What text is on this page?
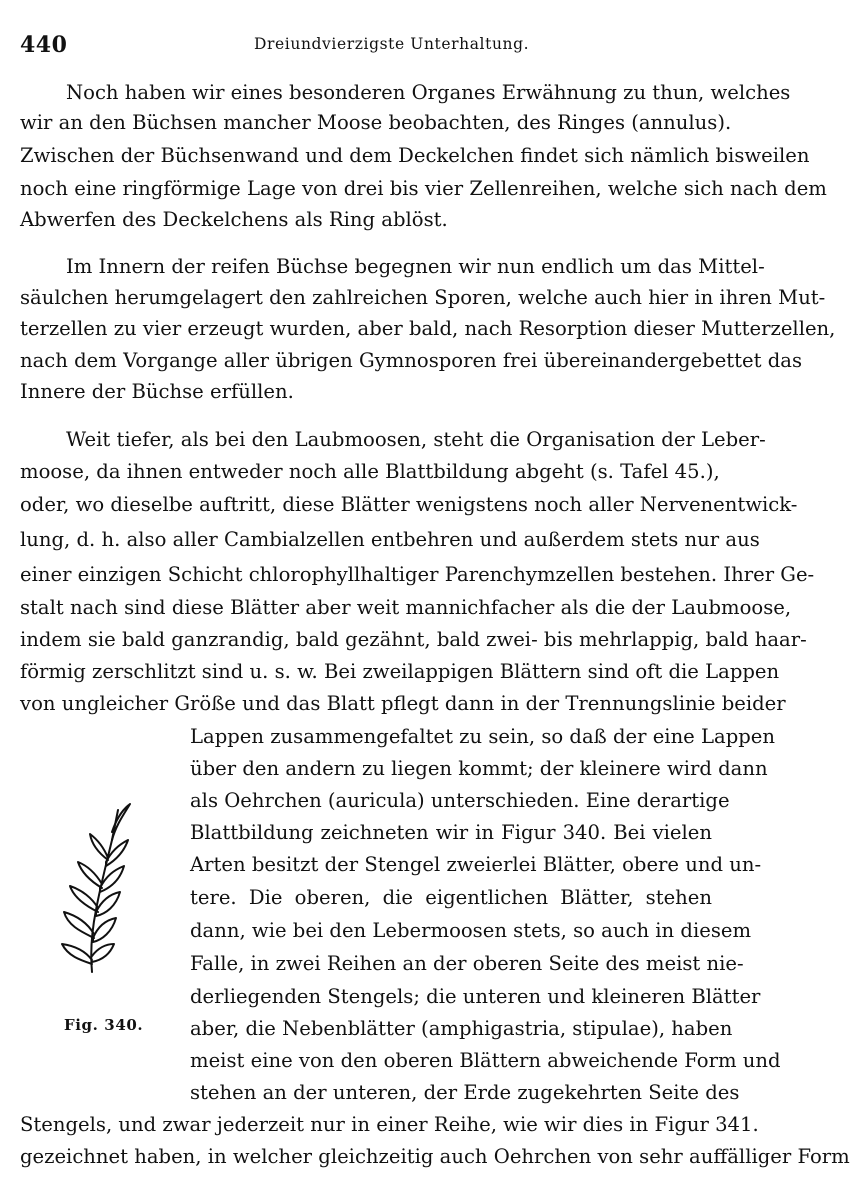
440	Dreiundvierzigste Unterhaltung.
Noch haben wir eines besonderen Organes Erwähnung zu thun, welches
wir an den Büchsen mancher Moose beobachten, des Ringes (annulus).
Zwischen der Büchsenwand und dem Deckelchen findet sich nämlich bisweilen
noch eine ringförmige Lage von drei bis vier Zellenreihen, welche sich nach dem
Abwerfen des Deckelchens als Ring ablöst.
Im Innern der reifen Büchse begegnen wir nun endlich um das Mittel-
säulchen herumgelagert den zahlreichen Sporen, welche auch hier in ihren Mut-
terzellen zu vier erzeugt wurden, aber bald, nach Resorption dieser Mutterzellen,
nach dem Vorgange aller übrigen Gymnosporen frei übereinandergebettet das
Innere der Büchse erfüllen.
Weit tiefer, als bei den Laubmoosen, steht die Organisation der Leber-
moose, da ihnen entweder noch alle Blattbildung abgeht (s. Tafel 45.),
oder, wo dieselbe auftritt, diese Blätter wenigstens noch aller Nervenentwick-
lung, d. h. also aller Cambialzellen entbehren und außerdem stets nur aus
einer einzigen Schicht chlorophyllhaltiger Parenchymzellen bestehen. Ihrer Ge-
stalt nach sind diese Blätter aber weit mannichfacher als die der Laubmoose,
indem sie bald ganzrandig, bald gezähnt, bald zwei- bis mehrlappig, bald haar-
förmig zerschlitzt sind u. s. w. Bei zweilappigen Blättern sind oft die Lappen
von ungleicher Größe und das Blatt pflegt dann in der Trennungslinie beider
Lappen zusammengefaltet zu sein, so daß der eine Lappen
über den andern zu liegen kommt; der kleinere wird dann
als Oehrchen (auricula) unterschieden. Eine derartige
Blattbildung zeichneten wir in Figur 340. Bei vielen
Arten besitzt der Stengel zweierlei Blätter, obere und un-
tere. Die oberen, die eigentlichen Blätter, stehen
dann, wie bei den Lebermoosen stets, so auch in diesem
Falle, in zwei Reihen an der oberen Seite des meist nie-
derliegenden Stengels; die unteren und kleineren Blätter
aber, die Nebenblätter (amphigastria, stipulae), haben
meist eine von den oberen Blättern abweichende Form und
stehen an der unteren, der Erde zugekehrten Seite des
Stengels, und zwar jederzeit nur in einer Reihe, wie wir dies in Figur 341.
gezeichnet haben, in welcher gleichzeitig auch Oehrchen von sehr auffälliger Form
Fig. 340.
